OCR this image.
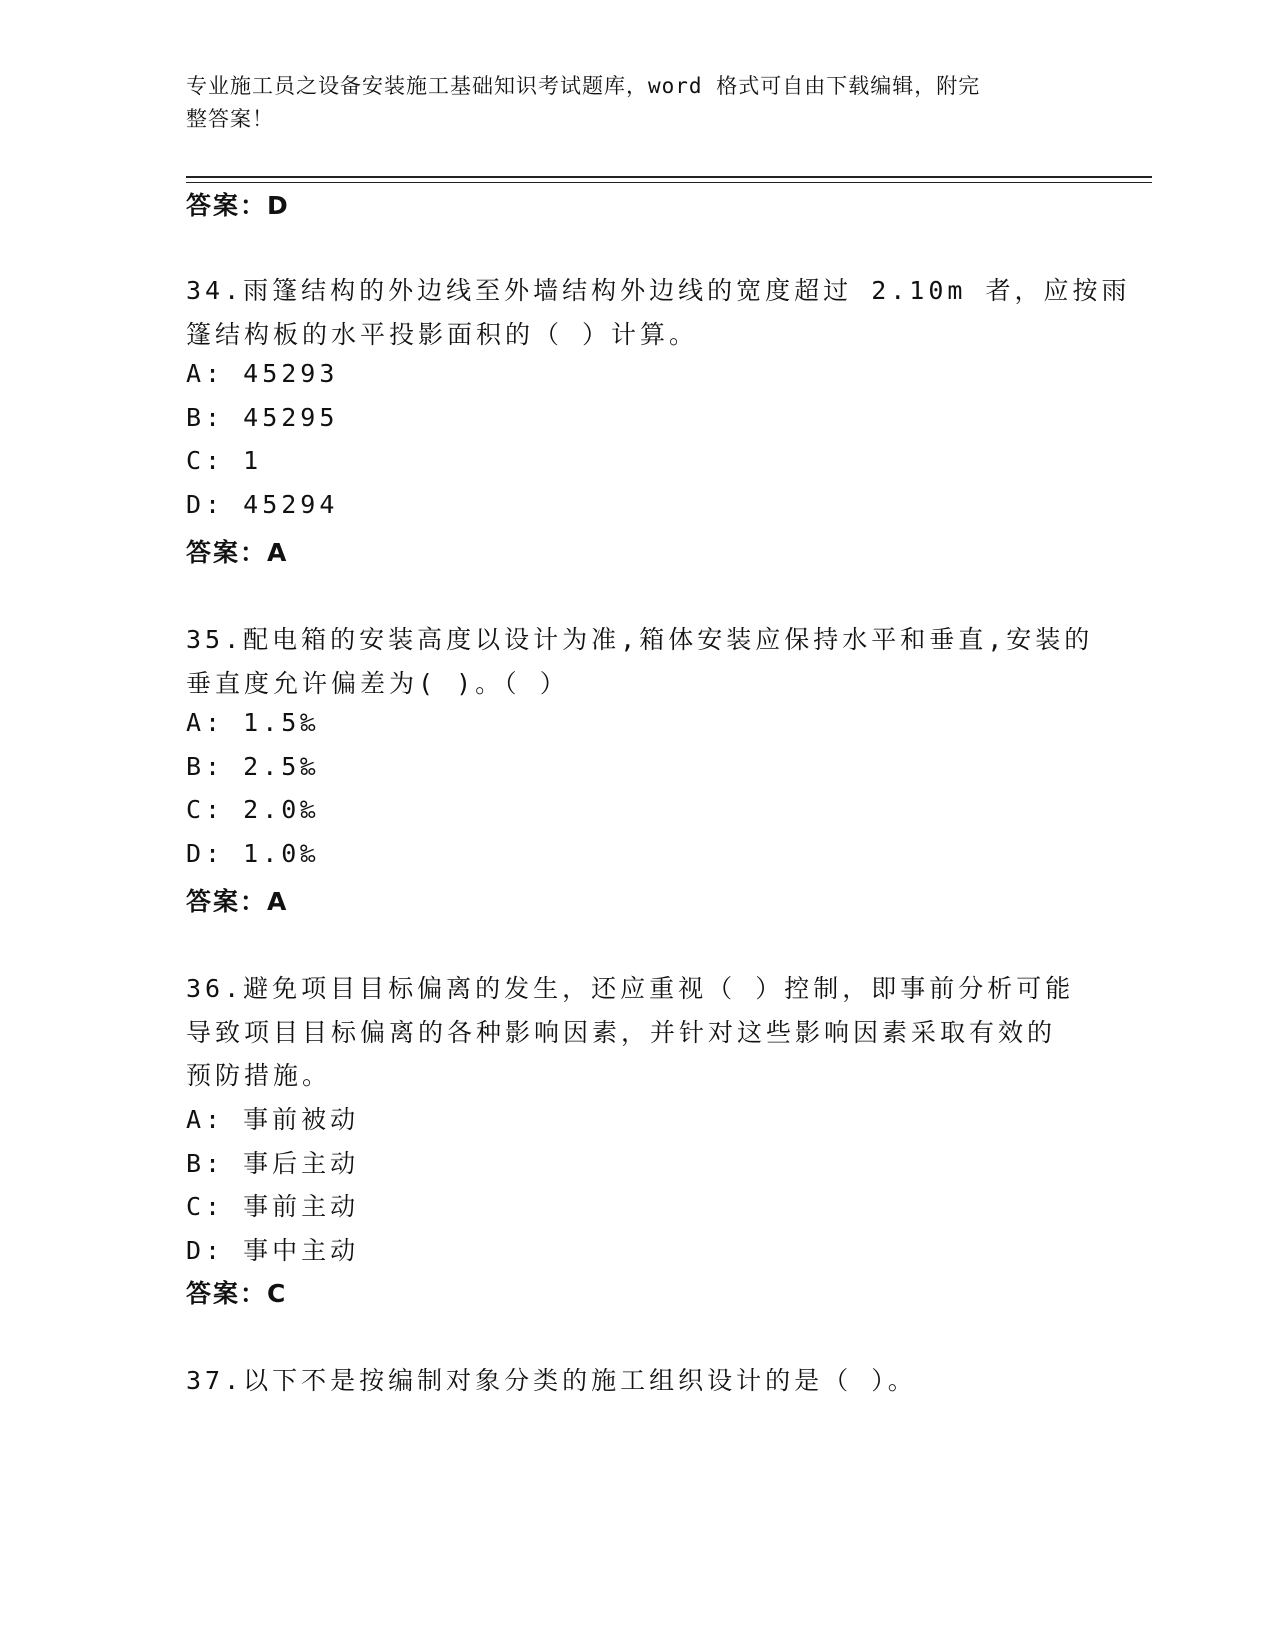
专业施工员之设备安装施工基础知识考试题库，word 格式可自由下载编辑，附完
整答案！
答案：D
34.雨篷结构的外边线至外墙结构外边线的宽度超过 2.10m 者，应按雨
篷结构板的水平投影面积的（ ）计算。
A: 45293
B: 45295
C: 1
D: 45294
答案：A
35.配电箱的安装高度以设计为准,箱体安装应保持水平和垂直,安装的
垂直度允许偏差为( )。（ ）
A: 1.5‰
B: 2.5‰
C: 2.0‰
D: 1.0‰
答案：A
36.避免项目目标偏离的发生，还应重视（ ）控制，即事前分析可能
导致项目目标偏离的各种影响因素，并针对这些影响因素采取有效的
预防措施。
A: 事前被动
B: 事后主动
C: 事前主动
D: 事中主动
答案：C
37.以下不是按编制对象分类的施工组织设计的是（ ）。
